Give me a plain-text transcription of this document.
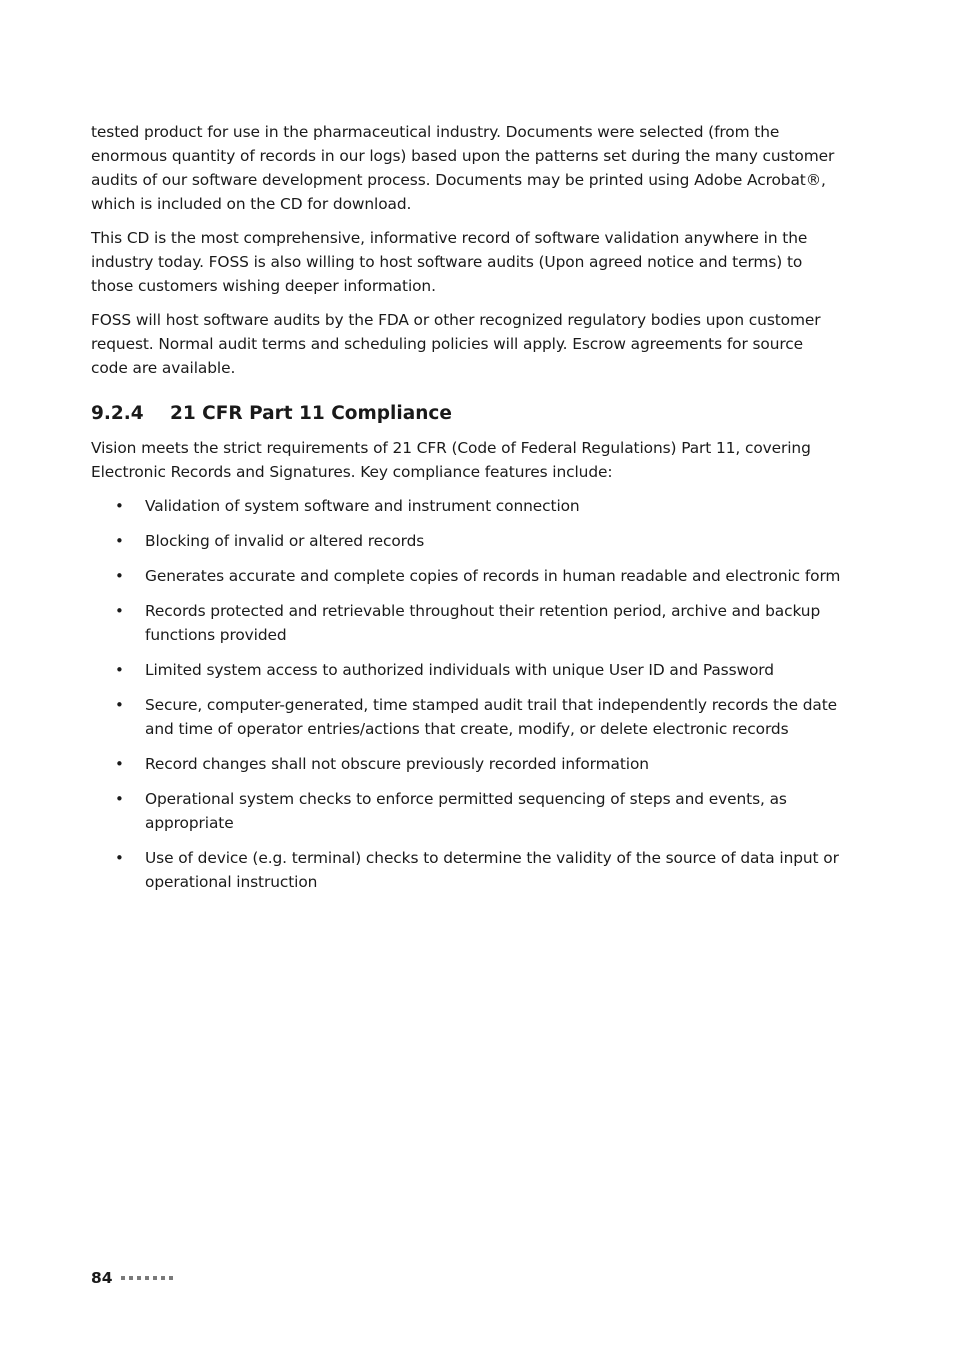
tested product for use in the pharmaceutical industry. Documents were selected (from the enormous quantity of records in our logs) based upon the patterns set during the many customer audits of our software development process. Documents may be printed using Adobe Acrobat®, which is included on the CD for download.

This CD is the most comprehensive, informative record of software validation anywhere in the industry today. FOSS is also willing to host software audits (Upon agreed notice and terms) to those customers wishing deeper information.

FOSS will host software audits by the FDA or other recognized regulatory bodies upon customer request. Normal audit terms and scheduling policies will apply. Escrow agreements for source code are available.

9.2.4	21 CFR Part 11 Compliance

Vision meets the strict requirements of 21 CFR (Code of Federal Regulations) Part 11, covering Electronic Records and Signatures. Key compliance features include:

• Validation of system software and instrument connection
• Blocking of invalid or altered records
• Generates accurate and complete copies of records in human readable and electronic form
• Records protected and retrievable throughout their retention period, archive and backup functions provided
• Limited system access to authorized individuals with unique User ID and Password
• Secure, computer-generated, time stamped audit trail that independently records the date and time of operator entries/actions that create, modify, or delete electronic records
• Record changes shall not obscure previously recorded information
• Operational system checks to enforce permitted sequencing of steps and events, as appropriate
• Use of device (e.g. terminal) checks to determine the validity of the source of data input or operational instruction
84
